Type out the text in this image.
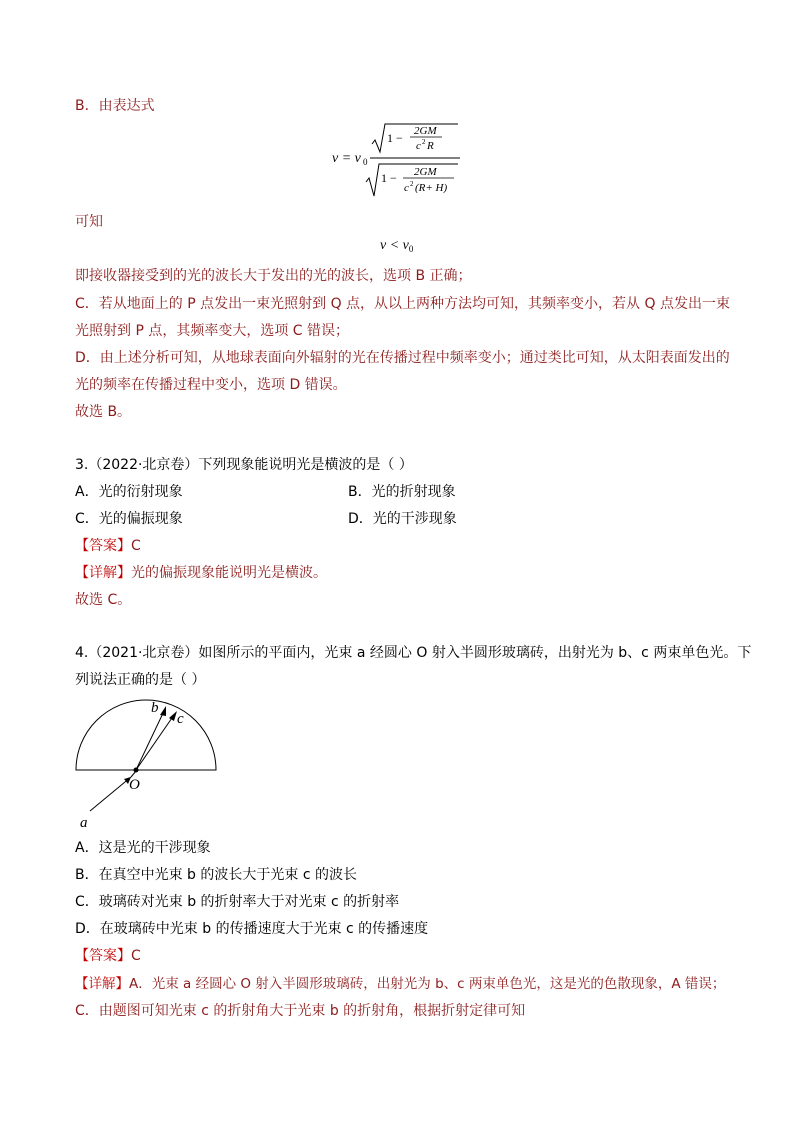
B．由表达式
ν = ν 0
1 − 2GM
c 2 R
1 − 2GM
c 2 (R+ H)
可知
$\nu < \nu_0$
即接收器接受到的光的波长大于发出的光的波长，选项 B 正确；
C．若从地面上的 P 点发出一束光照射到 Q 点，从以上两种方法均可知，其频率变小，若从 Q 点发出一束
光照射到 P 点，其频率变大，选项 C 错误；
D．由上述分析可知，从地球表面向外辐射的光在传播过程中频率变小；通过类比可知，从太阳表面发出的
光的频率在传播过程中变小，选项 D 错误。
故选 B。
3.（2022·北京卷）下列现象能说明光是横波的是（ ）
A．光的衍射现象	B．光的折射现象
C．光的偏振现象	D．光的干涉现象
【答案】C
【详解】光的偏振现象能说明光是横波。
故选 C。
4.（2021·北京卷）如图所示的平面内，光束 a 经圆心 O 射入半圆形玻璃砖，出射光为 b、c 两束单色光。下
列说法正确的是（ ）
O
a
b
c
A．这是光的干涉现象
B．在真空中光束 b 的波长大于光束 c 的波长
C．玻璃砖对光束 b 的折射率大于对光束 c 的折射率
D．在玻璃砖中光束 b 的传播速度大于光束 c 的传播速度
【答案】C
【详解】A．光束 a 经圆心 O 射入半圆形玻璃砖，出射光为 b、c 两束单色光，这是光的色散现象，A 错误；
C．由题图可知光束 c 的折射角大于光束 b 的折射角，根据折射定律可知
